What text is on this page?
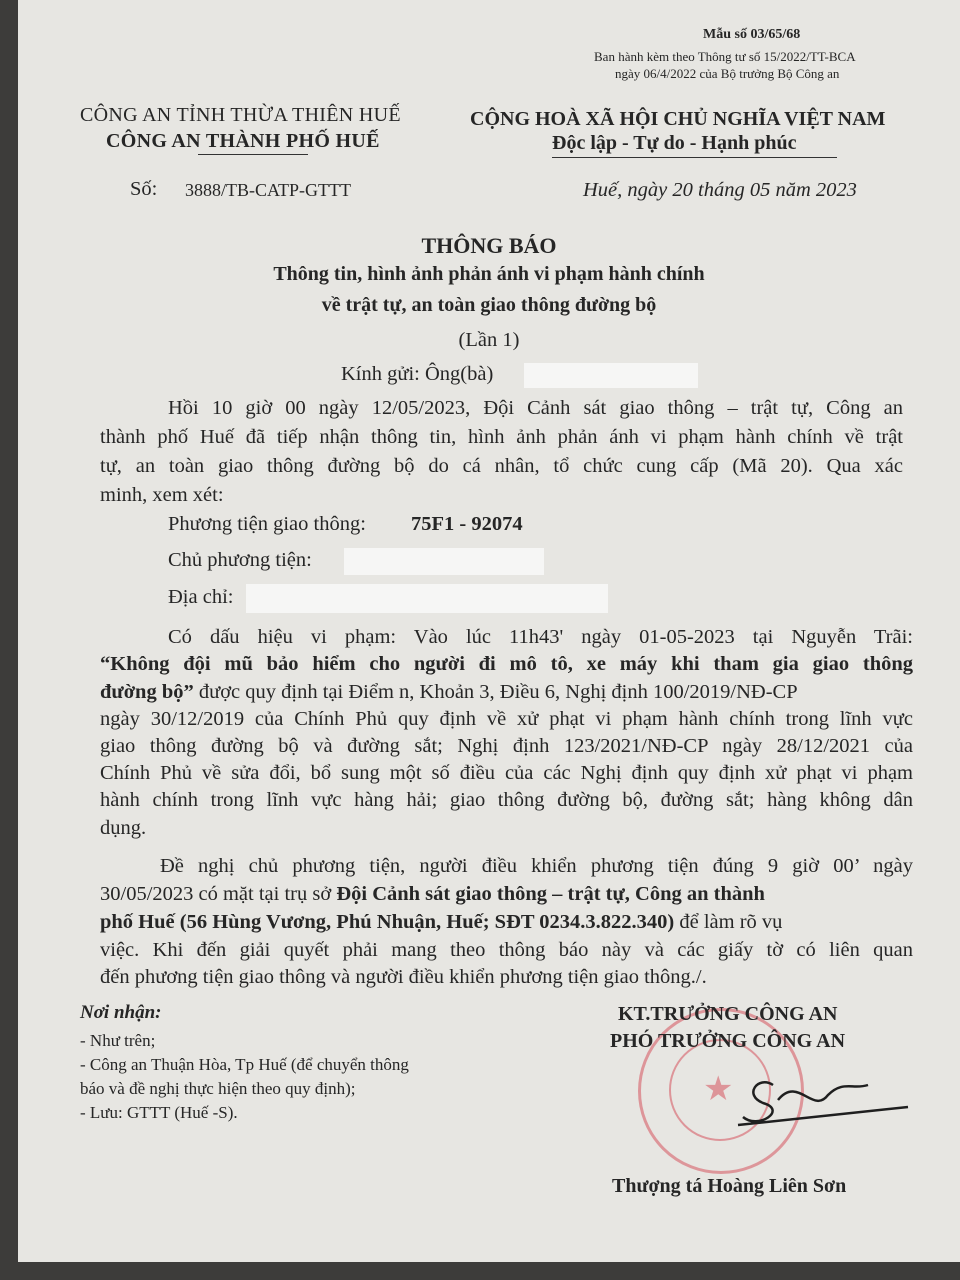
Mẫu số 03/65/68
Ban hành kèm theo Thông tư số 15/2022/TT-BCA
ngày 06/4/2022 của Bộ trưởng Bộ Công an
CÔNG AN TỈNH THỪA THIÊN HUẾ
CÔNG AN THÀNH PHỐ HUẾ
Số: 3888/TB-CATP-GTTT
CỘNG HOÀ XÃ HỘI CHỦ NGHĨA VIỆT NAM
Độc lập - Tự do - Hạnh phúc
Huế, ngày 20 tháng 05 năm 2023
THÔNG BÁO
Thông tin, hình ảnh phản ánh vi phạm hành chính
về trật tự, an toàn giao thông đường bộ
(Lần 1)
Kính gửi: Ông(bà)
Hồi 10 giờ 00 ngày 12/05/2023, Đội Cảnh sát giao thông – trật tự, Công an
thành phố Huế đã tiếp nhận thông tin, hình ảnh phản ánh vi phạm hành chính về trật
tự, an toàn giao thông đường bộ do cá nhân, tổ chức cung cấp (Mã 20). Qua xác
minh, xem xét:
Phương tiện giao thông: 75F1 - 92074
Chủ phương tiện:
Địa chỉ:
Có dấu hiệu vi phạm: Vào lúc 11h43' ngày 01-05-2023 tại Nguyễn Trãi:
“Không đội mũ bảo hiểm cho người đi mô tô, xe máy khi tham gia giao thông
đường bộ” được quy định tại Điểm n, Khoản 3, Điều 6, Nghị định 100/2019/NĐ-CP
ngày 30/12/2019 của Chính Phủ quy định về xử phạt vi phạm hành chính trong lĩnh vực
giao thông đường bộ và đường sắt; Nghị định 123/2021/NĐ-CP ngày 28/12/2021 của
Chính Phủ về sửa đổi, bổ sung một số điều của các Nghị định quy định xử phạt vi phạm
hành chính trong lĩnh vực hàng hải; giao thông đường bộ, đường sắt; hàng không dân
dụng.
Đề nghị chủ phương tiện, người điều khiển phương tiện đúng 9 giờ 00’ ngày
30/05/2023 có mặt tại trụ sở Đội Cảnh sát giao thông – trật tự, Công an thành
phố Huế (56 Hùng Vương, Phú Nhuận, Huế; SĐT 0234.3.822.340) để làm rõ vụ
việc. Khi đến giải quyết phải mang theo thông báo này và các giấy tờ có liên quan
đến phương tiện giao thông và người điều khiển phương tiện giao thông./.
Nơi nhận:
- Như trên;
- Công an Thuận Hòa, Tp Huế (để chuyển thông
báo và đề nghị thực hiện theo quy định);
- Lưu: GTTT (Huế -S).
★
KT.TRƯỞNG CÔNG AN
PHÓ TRƯỞNG CÔNG AN
Thượng tá Hoàng Liên Sơn
